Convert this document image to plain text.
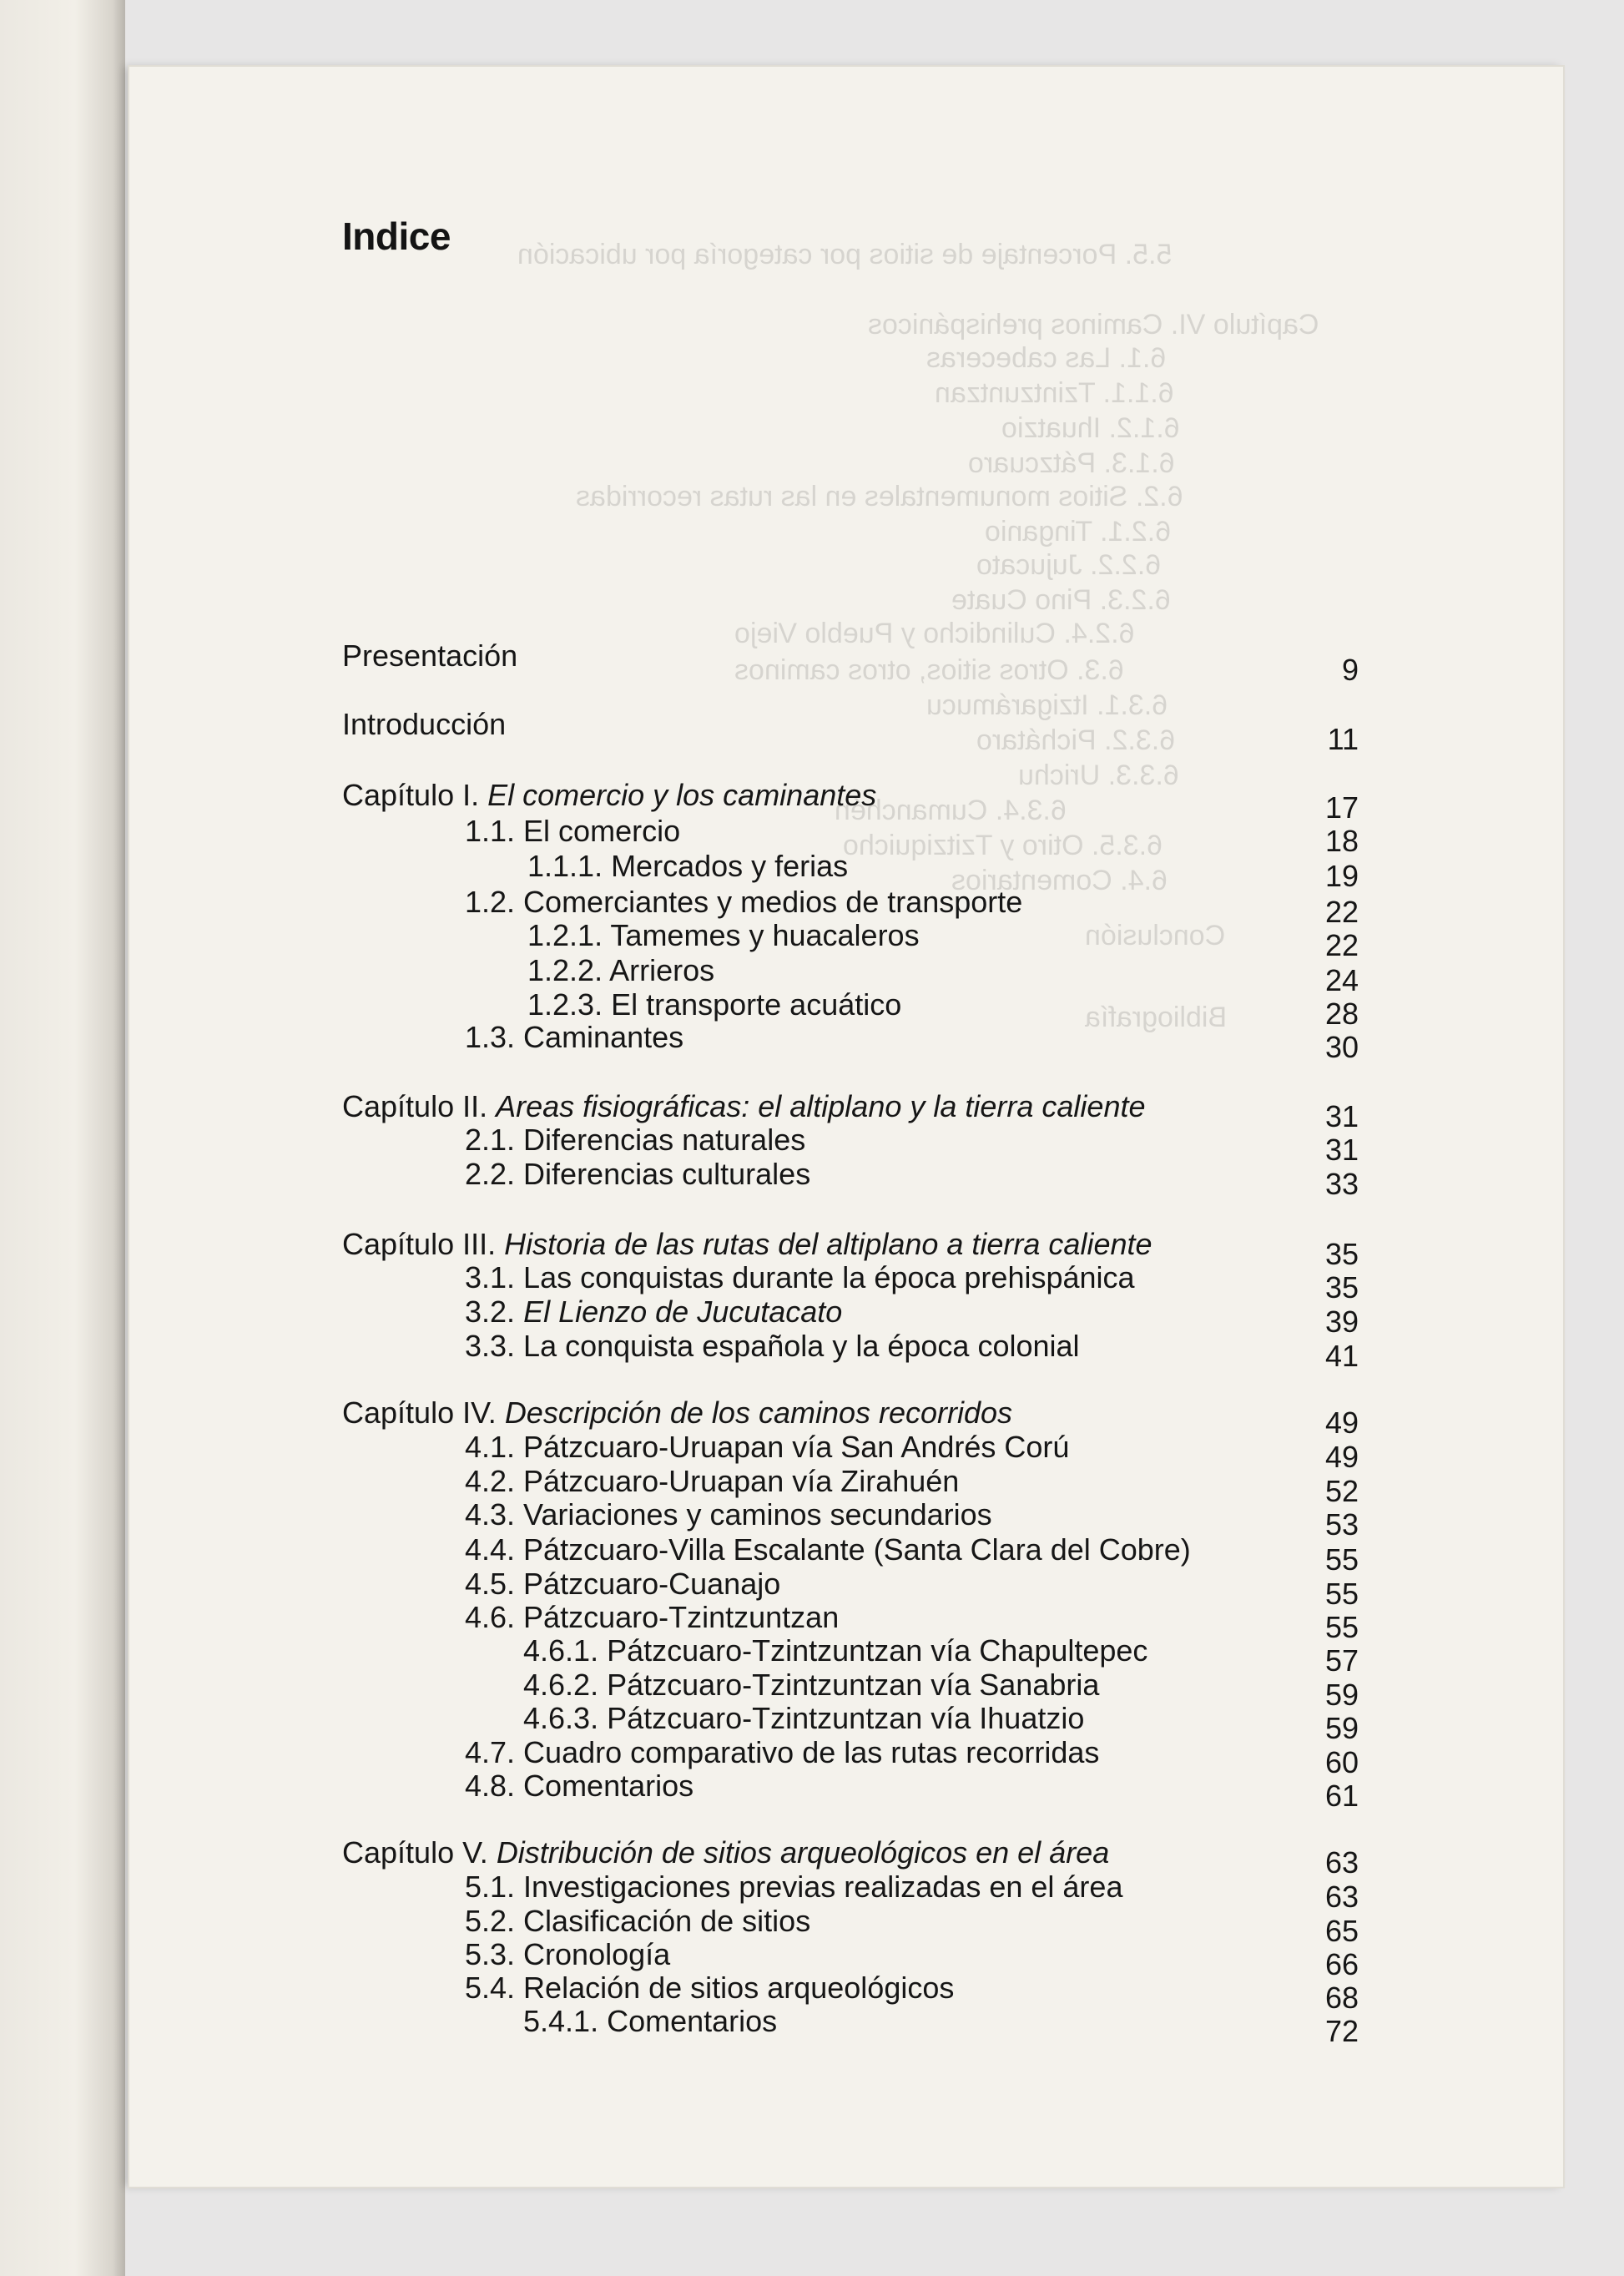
Indice
Presentación	9
Introducción	11
Capítulo I. El comercio y los caminantes	17
1.1. El comercio	18
1.1.1. Mercados y ferias	19
1.2. Comerciantes y medios de transporte	22
1.2.1. Tamemes y huacaleros	22
1.2.2. Arrieros	24
1.2.3. El transporte acuático	28
1.3. Caminantes	30
Capítulo II. Areas fisiográficas: el altiplano y la tierra caliente	31
2.1. Diferencias naturales	31
2.2. Diferencias culturales	33
Capítulo III. Historia de las rutas del altiplano a tierra caliente	35
3.1. Las conquistas durante la época prehispánica	35
3.2. El Lienzo de Jucutacato	39
3.3. La conquista española y la época colonial	41
Capítulo IV. Descripción de los caminos recorridos	49
4.1. Pátzcuaro-Uruapan vía San Andrés Corú	49
4.2. Pátzcuaro-Uruapan vía Zirahuén	52
4.3. Variaciones y caminos secundarios	53
4.4. Pátzcuaro-Villa Escalante (Santa Clara del Cobre)	55
4.5. Pátzcuaro-Cuanajo	55
4.6. Pátzcuaro-Tzintzuntzan	55
4.6.1. Pátzcuaro-Tzintzuntzan vía Chapultepec	57
4.6.2. Pátzcuaro-Tzintzuntzan vía Sanabria	59
4.6.3. Pátzcuaro-Tzintzuntzan vía Ihuatzio	59
4.7. Cuadro comparativo de las rutas recorridas	60
4.8. Comentarios	61
Capítulo V. Distribución de sitios arqueológicos en el área	63
5.1. Investigaciones previas realizadas en el área	63
5.2. Clasificación de sitios	65
5.3. Cronología	66
5.4. Relación de sitios arqueológicos	68
5.4.1. Comentarios	72
